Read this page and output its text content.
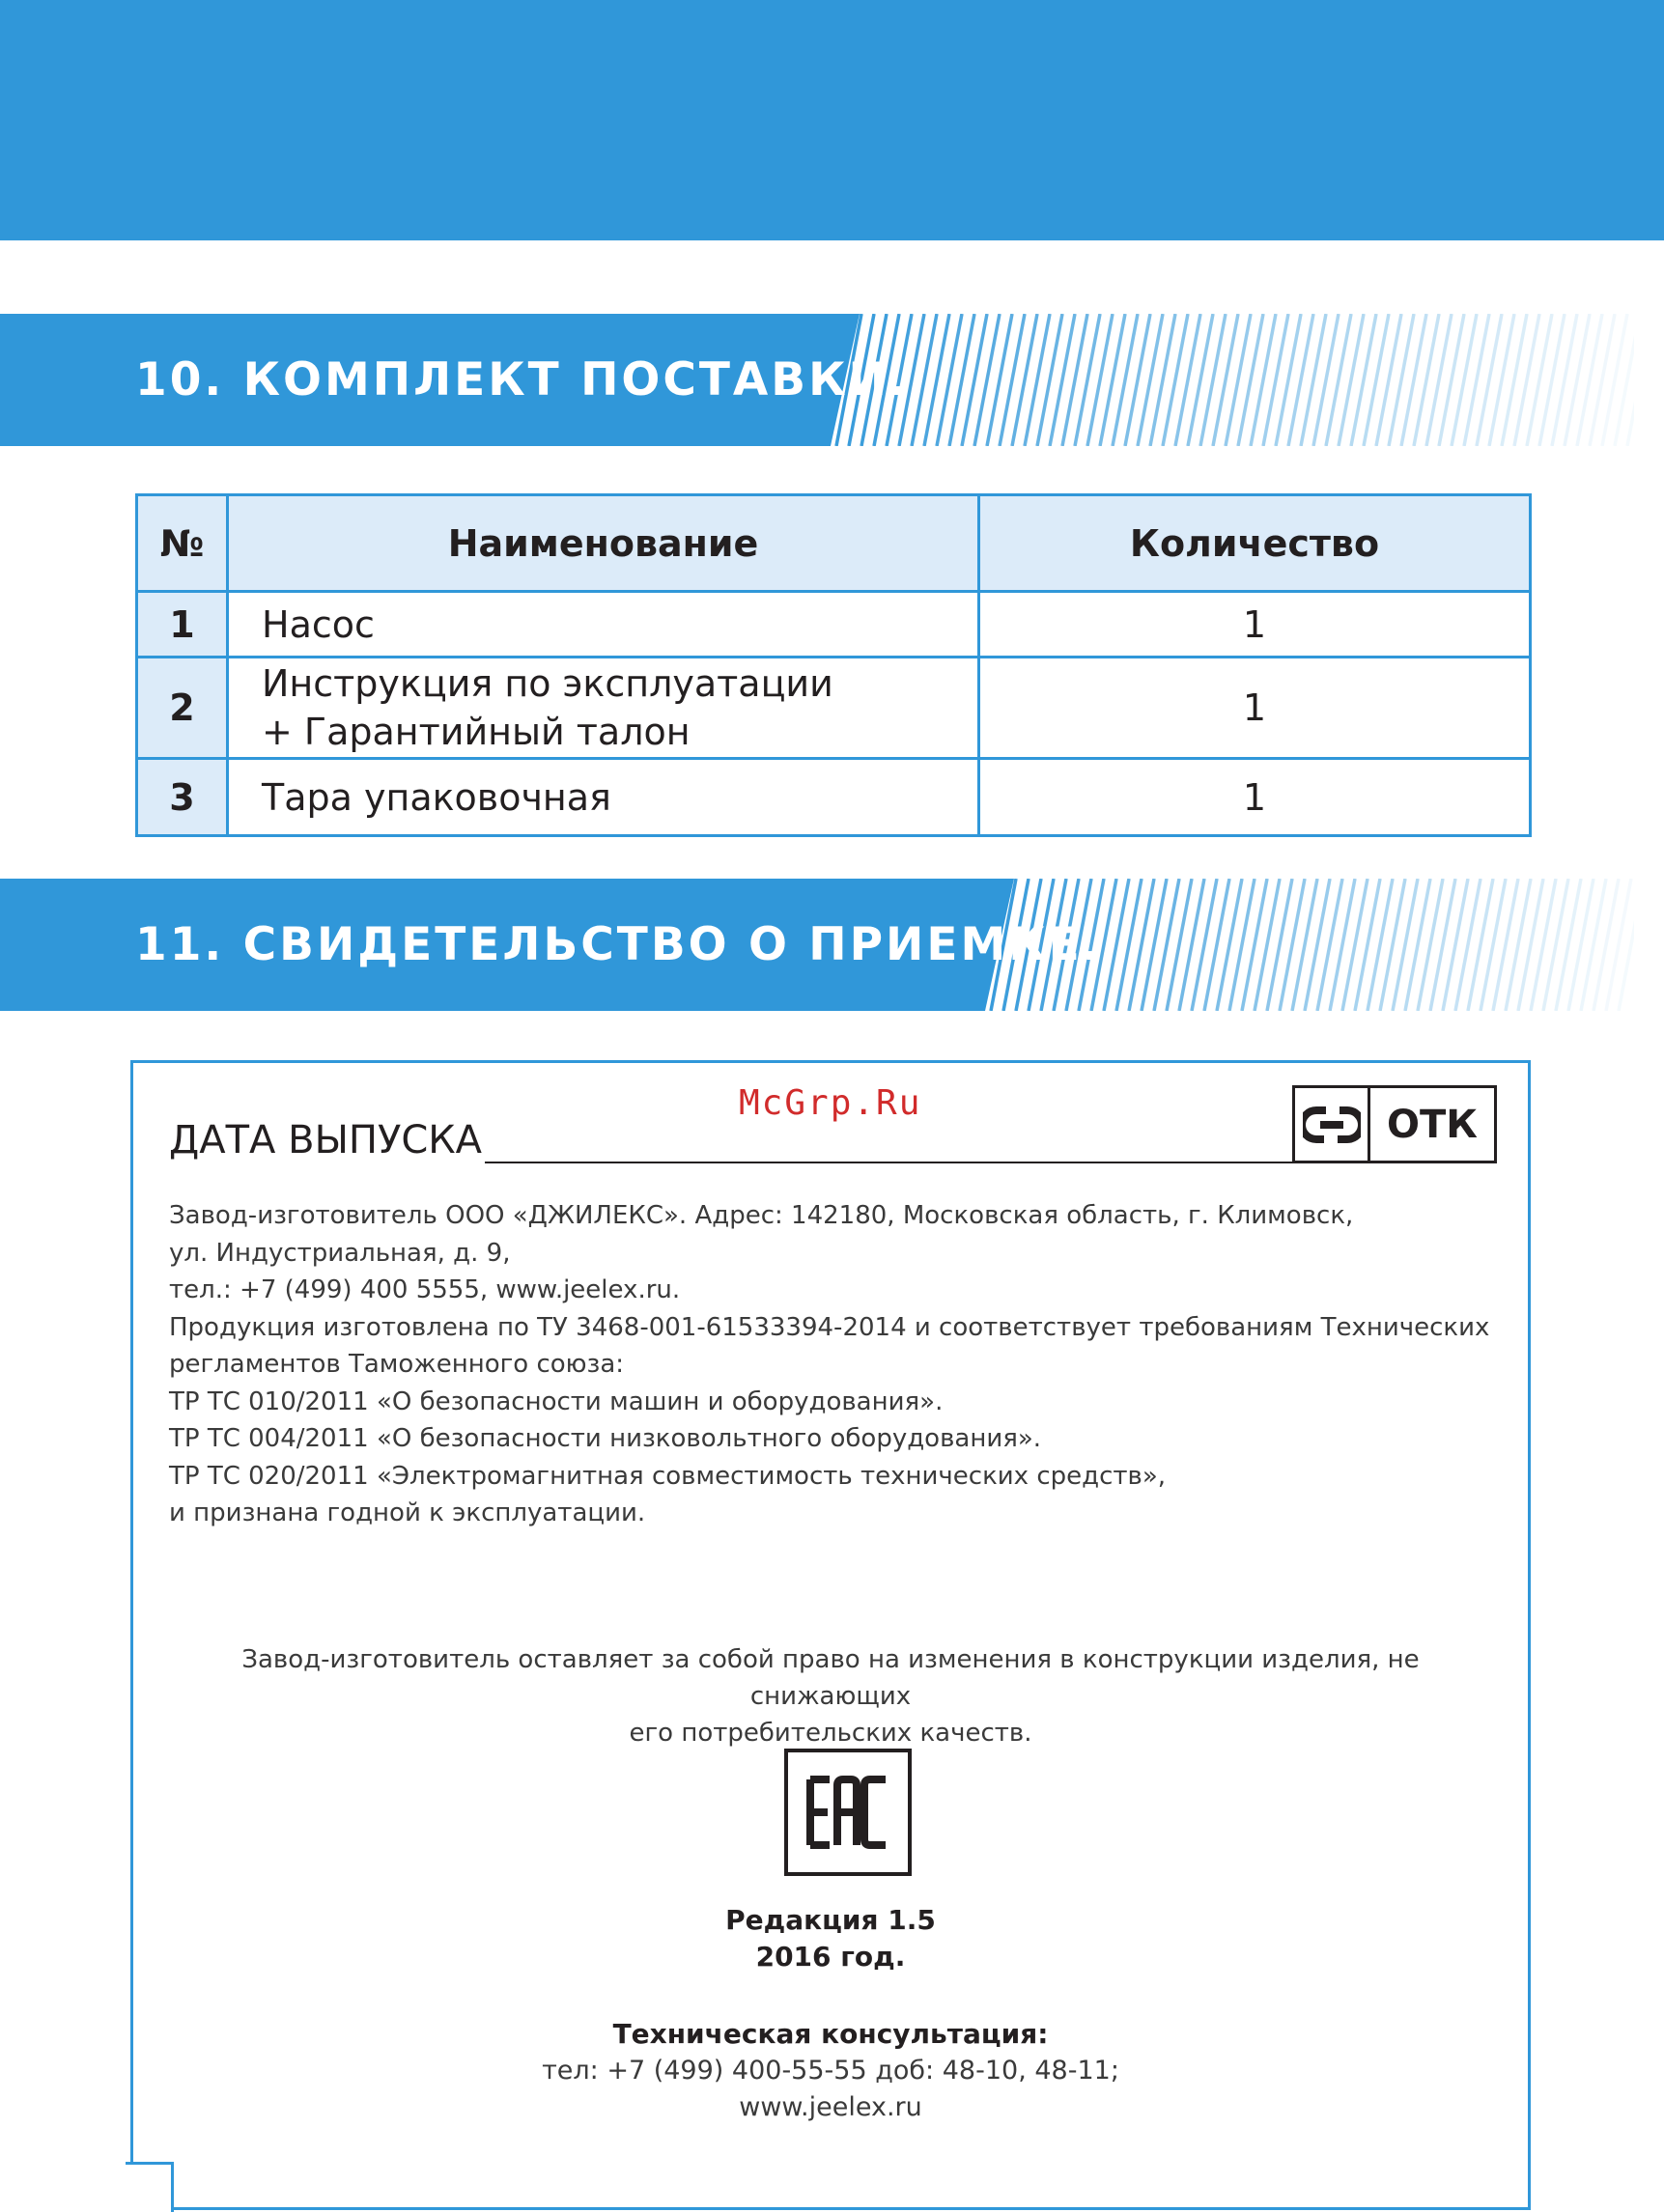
10. КОМПЛЕКТ ПОСТАВКИ.
№	Наименование	Количество
1	Насос	1
2	Инструкция по эксплуатации
+ Гарантийный талон	1
3	Тара упаковочная	1
11. СВИДЕТЕЛЬСТВО О ПРИЕМКЕ.
McGrp.Ru
ДАТА ВЫПУСКА	ОТК
Завод-изготовитель ООО «ДЖИЛЕКС». Адрес: 142180, Московская область, г. Климовск,
ул. Индустриальная, д. 9,
тел.: +7 (499) 400 5555, www.jeelex.ru.
Продукция изготовлена по ТУ 3468-001-61533394-2014 и соответствует требованиям Технических
регламентов Таможенного союза:
ТР ТС 010/2011 «О безопасности машин и оборудования».
ТР ТС 004/2011 «О безопасности низковольтного оборудования».
ТР ТС 020/2011 «Электромагнитная совместимость технических средств»,
и признана годной к эксплуатации.
Завод-изготовитель оставляет за собой право на изменения в конструкции изделия, не снижающих
его потребительских качеств.
Редакция 1.5
2016 год.
Техническая консультация:
тел: +7 (499) 400-55-55 доб: 48-10, 48-11;
www.jeelex.ru
